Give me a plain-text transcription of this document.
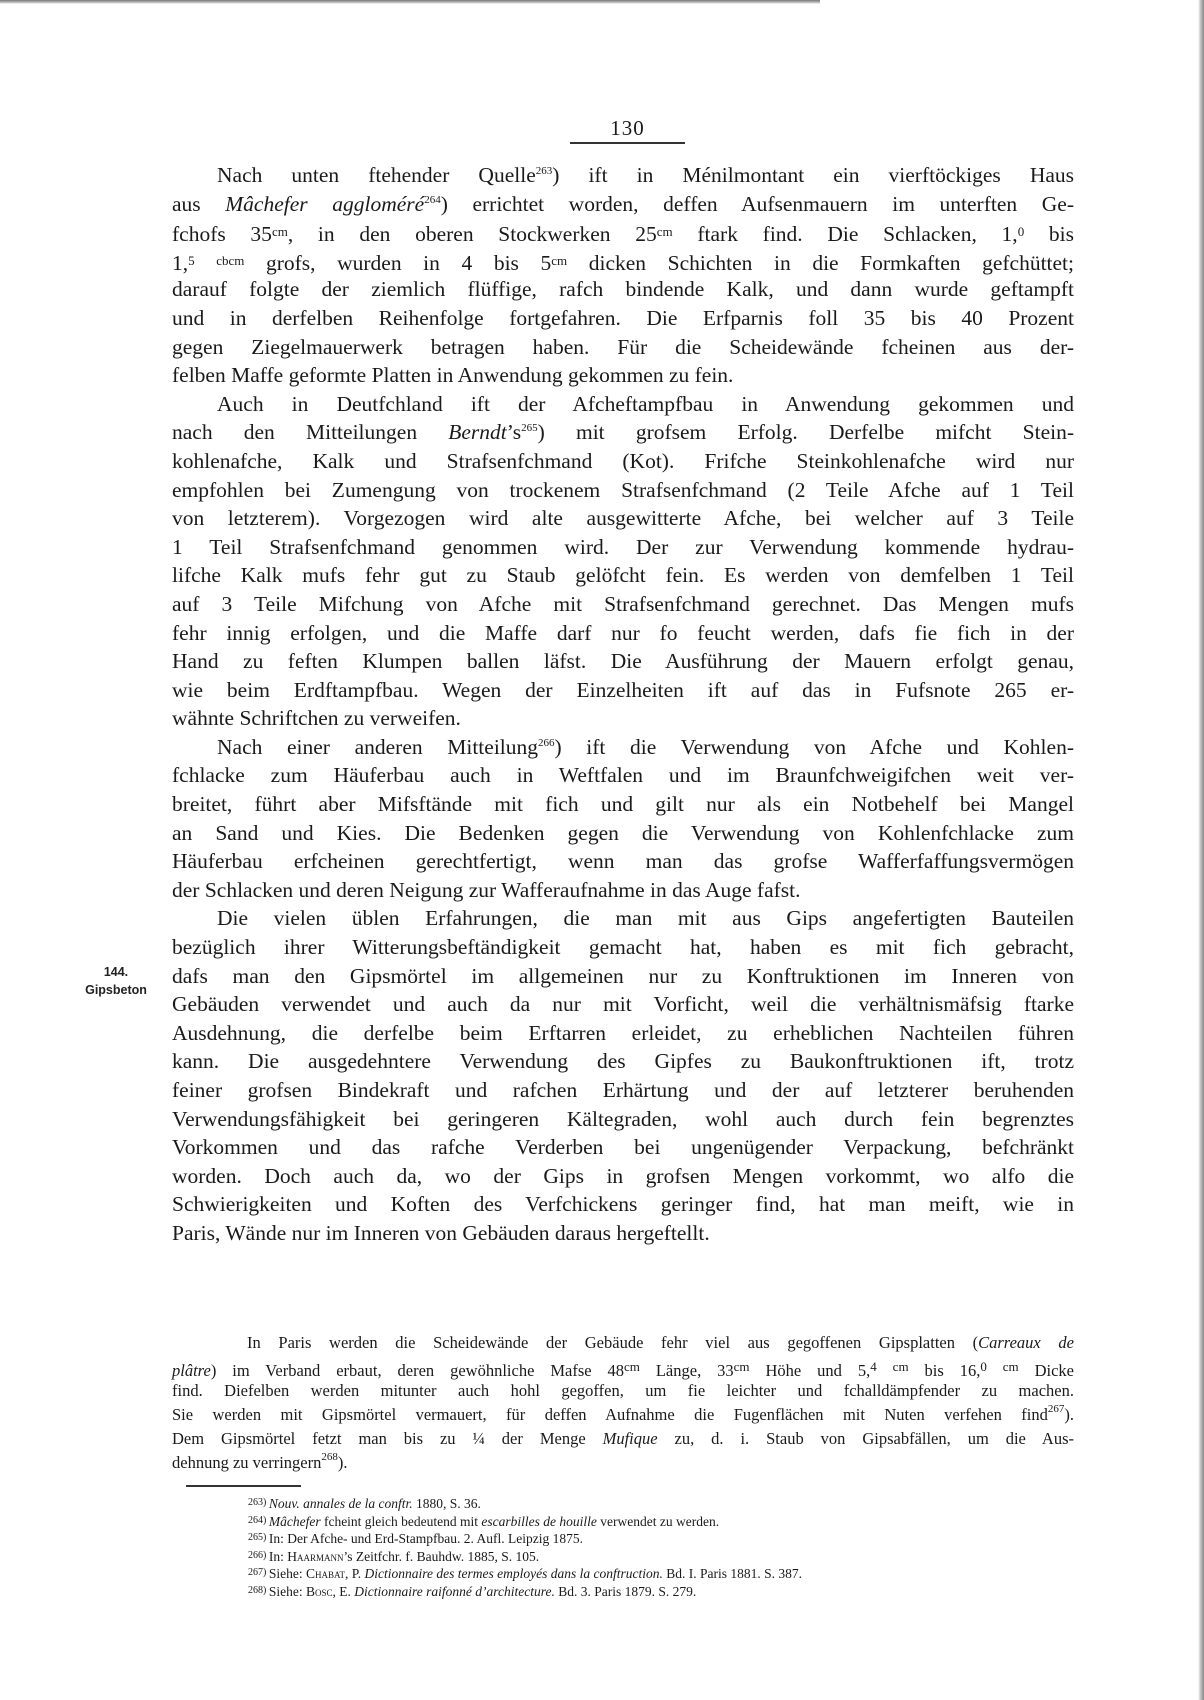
130
Nach unten ftehender Quelle$^{263}$) ift in Ménilmontant ein vierftöckiges Haus
aus Mâchefer aggloméré$^{264}$) errichtet worden, deffen Aufsenmauern im unterften Ge-
fchofs $35^{cm}$, in den oberen Stockwerken $25^{cm}$ ftark find. Die Schlacken, 1,$^0$ bis
1,$^5$ $^{cbcm}$ grofs, wurden in 4 bis $5^{cm}$ dicken Schichten in die Formkaften gefchüttet;
darauf folgte der ziemlich flüffige, rafch bindende Kalk, und dann wurde geftampft
und in derfelben Reihenfolge fortgefahren. Die Erfparnis foll 35 bis 40 Prozent
gegen Ziegelmauerwerk betragen haben. Für die Scheidewände fcheinen aus der-
felben Maffe geformte Platten in Anwendung gekommen zu fein.
Auch in Deutfchland ift der Afcheftampfbau in Anwendung gekommen und
nach den Mitteilungen $Berndt’s^{265}$) mit grofsem Erfolg. Derfelbe mifcht Stein-
kohlenafche, Kalk und Strafsenfchmand (Kot). Frifche Steinkohlenafche wird nur
empfohlen bei Zumengung von trockenem Strafsenfchmand (2 Teile Afche auf 1 Teil
von letzterem). Vorgezogen wird alte ausgewitterte Afche, bei welcher auf 3 Teile
1 Teil Strafsenfchmand genommen wird. Der zur Verwendung kommende hydrau-
lifche Kalk mufs fehr gut zu Staub gelöfcht fein. Es werden von demfelben 1 Teil
auf 3 Teile Mifchung von Afche mit Strafsenfchmand gerechnet. Das Mengen mufs
fehr innig erfolgen, und die Maffe darf nur fo feucht werden, dafs fie fich in der
Hand zu feften Klumpen ballen läfst. Die Ausführung der Mauern erfolgt genau,
wie beim Erdftampfbau. Wegen der Einzelheiten ift auf das in Fufsnote 265 er-
wähnte Schriftchen zu verweifen.
Nach einer anderen Mitteilung$^{266}$) ift die Verwendung von Afche und Kohlen-
fchlacke zum Häuferbau auch in Weftfalen und im Braunfchweigifchen weit ver-
breitet, führt aber Mifsftände mit fich und gilt nur als ein Notbehelf bei Mangel
an Sand und Kies. Die Bedenken gegen die Verwendung von Kohlenfchlacke zum
Häuferbau erfcheinen gerechtfertigt, wenn man das grofse Wafferfaffungsvermögen
der Schlacken und deren Neigung zur Wafferaufnahme in das Auge fafst.
Die vielen üblen Erfahrungen, die man mit aus Gips angefertigten Bauteilen
bezüglich ihrer Witterungsbeftändigkeit gemacht hat, haben es mit fich gebracht,
dafs man den Gipsmörtel im allgemeinen nur zu Konftruktionen im Inneren von
Gebäuden verwendet und auch da nur mit Vorficht, weil die verhältnismäfsig ftarke
Ausdehnung, die derfelbe beim Erftarren erleidet, zu erheblichen Nachteilen führen
kann. Die ausgedehntere Verwendung des Gipfes zu Baukonftruktionen ift, trotz
feiner grofsen Bindekraft und rafchen Erhärtung und der auf letzterer beruhenden
Verwendungsfähigkeit bei geringeren Kältegraden, wohl auch durch fein begrenztes
Vorkommen und das rafche Verderben bei ungenügender Verpackung, befchränkt
worden. Doch auch da, wo der Gips in grofsen Mengen vorkommt, wo alfo die
Schwierigkeiten und Koften des Verfchickens geringer find, hat man meift, wie in
Paris, Wände nur im Inneren von Gebäuden daraus hergeftellt.
144.
Gipsbeton
In Paris werden die Scheidewände der Gebäude fehr viel aus gegoffenen Gipsplatten (Carreaux de
plâtre) im Verband erbaut, deren gewöhnliche Mafse $48^{cm}$ Länge, $33^{cm}$ Höhe und 5,$^4$ $^{cm}$ bis 16,$^0$ $^{cm}$ Dicke
find. Diefelben werden mitunter auch hohl gegoffen, um fie leichter und fchalldämpfender zu machen.
Sie werden mit Gipsmörtel vermauert, für deffen Aufnahme die Fugenflächen mit Nuten verfehen find$^{267}$).
Dem Gipsmörtel fetzt man bis zu ¼ der Menge Mufique zu, d. i. Staub von Gipsabfällen, um die Aus-
dehnung zu verringern$^{268}$).
$^{263)}$ Nouv. annales de la conftr. 1880, S. 36.
$^{264)}$ Mâchefer fcheint gleich bedeutend mit escarbilles de houille verwendet zu werden.
$^{265)}$ In: Der Afche- und Erd-Stampfbau. 2. Aufl. Leipzig 1875.
$^{266)}$ In: Haarmann’s Zeitfchr. f. Bauhdw. 1885, S. 105.
$^{267)}$ Siehe: Chabat, P. Dictionnaire des termes employés dans la conftruction. Bd. I. Paris 1881. S. 387.
$^{268)}$ Siehe: Bosc, E. Dictionnaire raifonné d’architecture. Bd. 3. Paris 1879. S. 279.
